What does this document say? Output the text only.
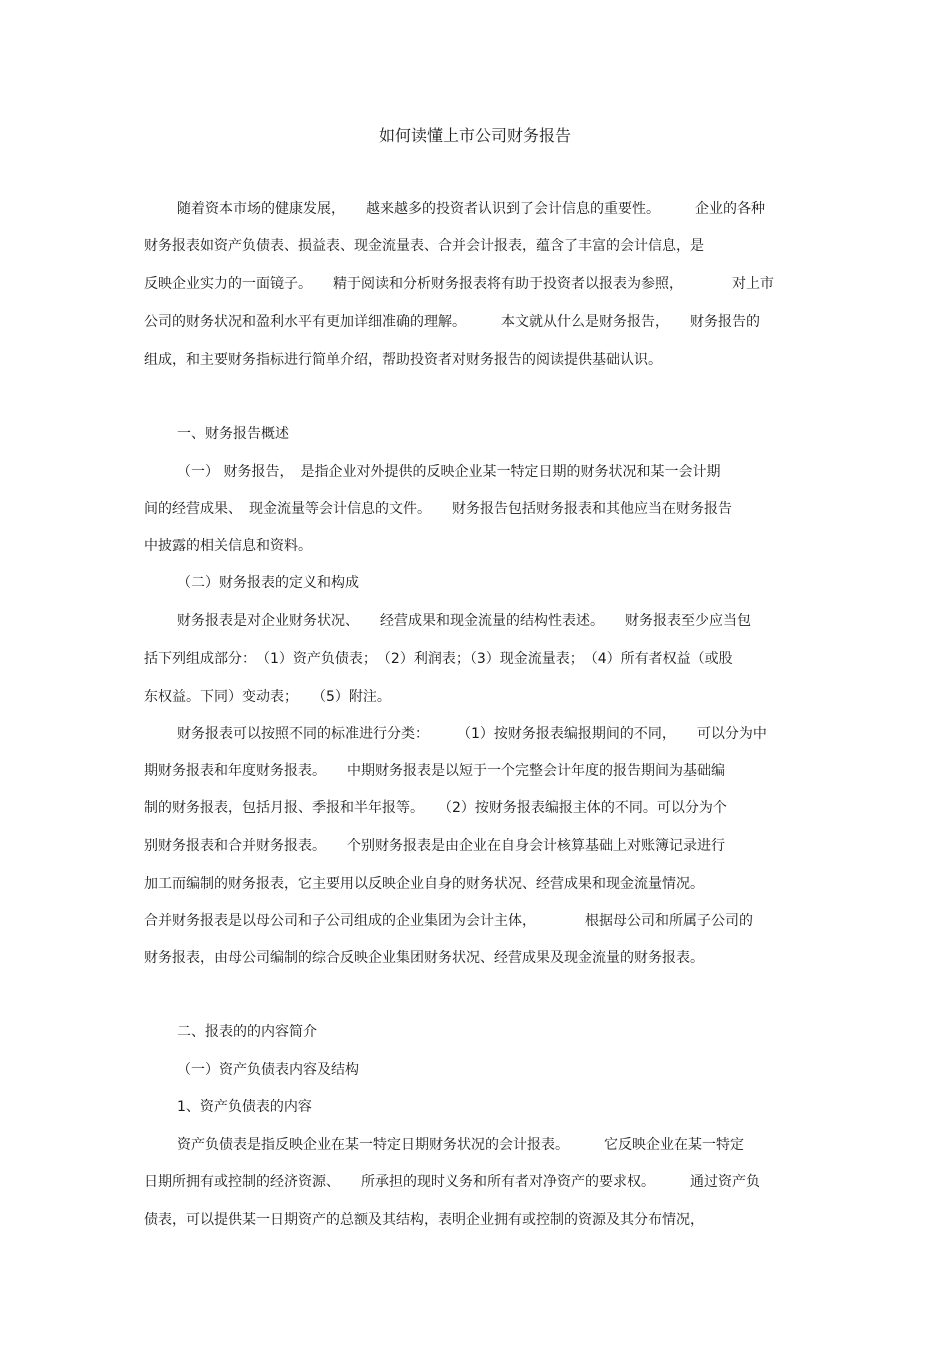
如何读懂上市公司财务报告
随着资本市场的健康发展，　　越来越多的投资者认识到了会计信息的重要性。　　　企业的各种
财务报表如资产负债表、损益表、现金流量表、合并会计报表，蕴含了丰富的会计信息，是
反映企业实力的一面镜子。　　精于阅读和分析财务报表将有助于投资者以报表为参照，　　　　对上市
公司的财务状况和盈利水平有更加详细准确的理解。　　　本文就从什么是财务报告，　　财务报告的
组成，和主要财务指标进行简单介绍，帮助投资者对财务报告的阅读提供基础认识。
一、财务报告概述
（一） 财务报告，　是指企业对外提供的反映企业某一特定日期的财务状况和某一会计期
间的经营成果、　现金流量等会计信息的文件。　　财务报告包括财务报表和其他应当在财务报告
中披露的相关信息和资料。
（二）财务报表的定义和构成
财务报表是对企业财务状况、　　经营成果和现金流量的结构性表述。　　财务报表至少应当包
括下列组成部分：　（1）资产负债表；　（2）利润表；（3）现金流量表；　（4）所有者权益（或股
东权益。下同）变动表；　　（5）附注。
财务报表可以按照不同的标准进行分类：　　　（1）按财务报表编报期间的不同，　　可以分为中
期财务报表和年度财务报表。　　中期财务报表是以短于一个完整会计年度的报告期间为基础编
制的财务报表，包括月报、季报和半年报等。　　（2）按财务报表编报主体的不同。可以分为个
别财务报表和合并财务报表。　　个别财务报表是由企业在自身会计核算基础上对账簿记录进行
加工而编制的财务报表，它主要用以反映企业自身的财务状况、经营成果和现金流量情况。
合并财务报表是以母公司和子公司组成的企业集团为会计主体，　　　　根据母公司和所属子公司的
财务报表，由母公司编制的综合反映企业集团财务状况、经营成果及现金流量的财务报表。
二、报表的的内容简介
（一）资产负债表内容及结构
1、资产负债表的内容
资产负债表是指反映企业在某一特定日期财务状况的会计报表。　　　它反映企业在某一特定
日期所拥有或控制的经济资源、　　所承担的现时义务和所有者对净资产的要求权。　　　通过资产负
债表，可以提供某一日期资产的总额及其结构，表明企业拥有或控制的资源及其分布情况，
